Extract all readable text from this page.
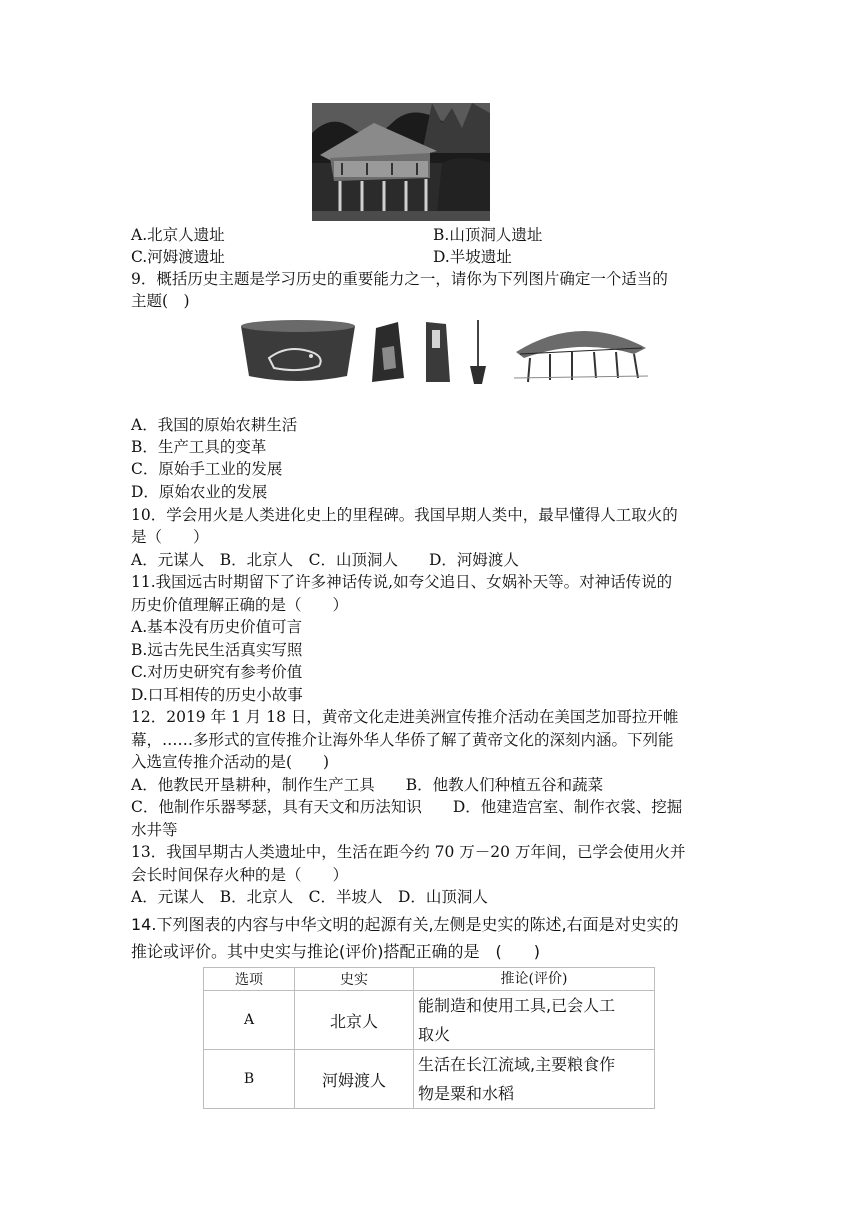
A.北京人遗址	B.山顶洞人遗址
C.河姆渡遗址	D.半坡遗址
9．概括历史主题是学习历史的重要能力之一，请你为下列图片确定一个适当的
主题(　)
A．我国的原始农耕生活
B．生产工具的变革
C．原始手工业的发展
D．原始农业的发展
10．学会用火是人类进化史上的里程碑。我国早期人类中，最早懂得人工取火的
是（　　）
A．元谋人　B．北京人　C．山顶洞人　　D．河姆渡人
11.我国远古时期留下了许多神话传说,如夸父追日、女娲补天等。对神话传说的
历史价值理解正确的是（　　）
A.基本没有历史价值可言
B.远古先民生活真实写照
C.对历史研究有参考价值
D.口耳相传的历史小故事
12．2019 年 1 月 18 日，黄帝文化走进美洲宣传推介活动在美国芝加哥拉开帷
幕，……多形式的宣传推介让海外华人华侨了解了黄帝文化的深刻内涵。下列能
入选宣传推介活动的是(　　)
A．他教民开垦耕种，制作生产工具　　B．他教人们种植五谷和蔬菜
C．他制作乐器琴瑟，具有天文和历法知识　　D．他建造宫室、制作衣裳、挖掘
水井等
13．我国早期古人类遗址中，生活在距今约 70 万－20 万年间，已学会使用火并
会长时间保存火种的是（　　）
A．元谋人　B．北京人　C．半坡人　D．山顶洞人
14.下列图表的内容与中华文明的起源有关,左侧是史实的陈述,右面是对史实的
推论或评价。其中史实与推论(评价)搭配正确的是　(　　)
选项	史实	推论(评价)
A	北京人	能制造和使用工具,已会人工
取火
B	河姆渡人	生活在长江流域,主要粮食作
物是粟和水稻
